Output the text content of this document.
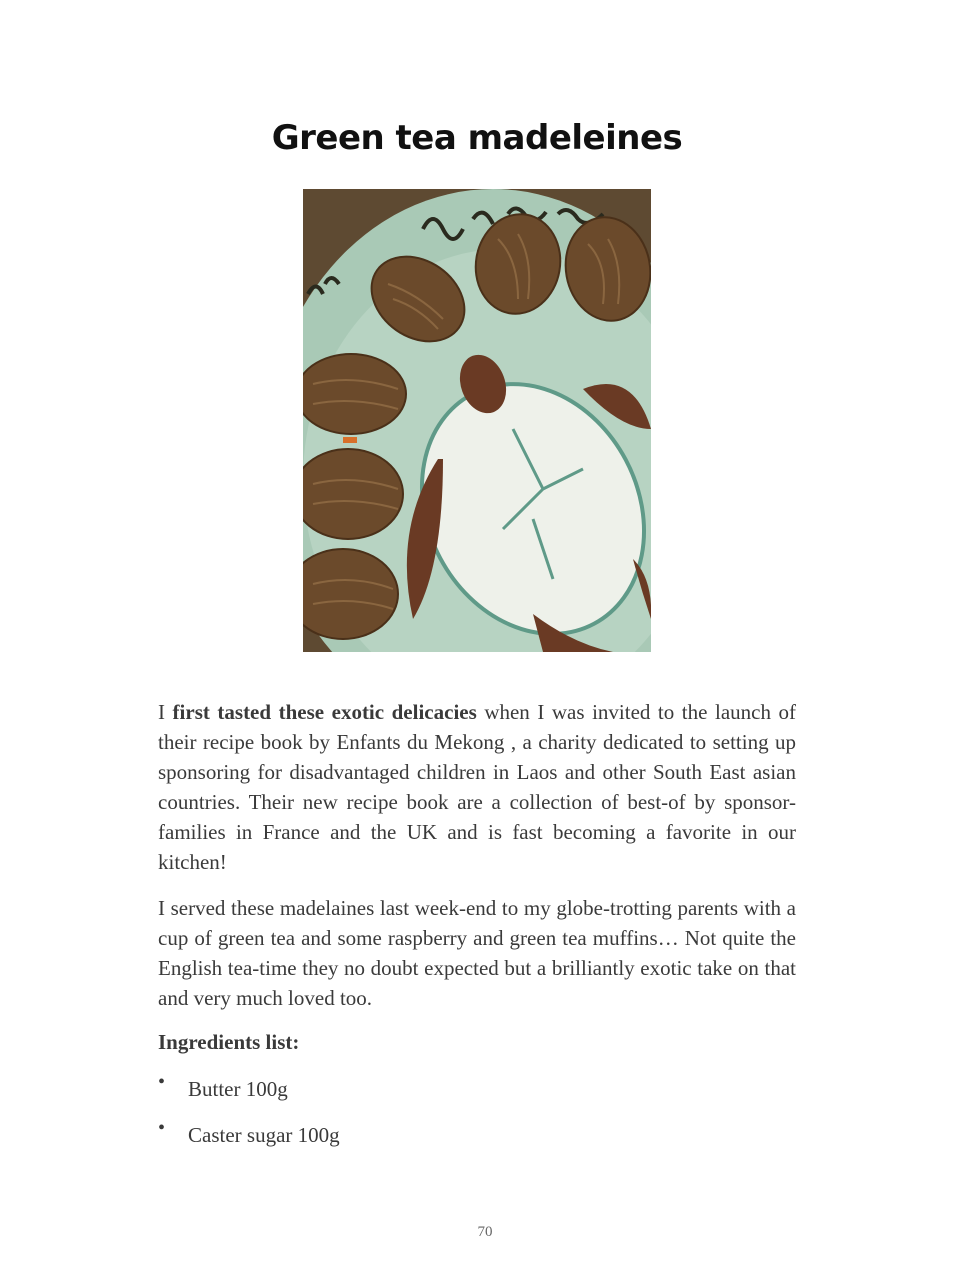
Green tea madeleines
I first tasted these exotic delicacies when I was invited to the launch of their recipe book by Enfants du Mekong , a charity dedicated to setting up sponsoring for disadvantaged children in Laos and other South East asian countries. Their new recipe book are a collection of best-of by sponsor-families in France and the UK and is fast becoming a favorite in our kitchen!
I served these madelaines last week-end to my globe-trotting parents with a cup of green tea and some raspberry and green tea muffins… Not quite the English tea-time they no doubt expected but a brilliantly exotic take on that and very much loved too.
Ingredients list:
• Butter 100g
• Caster sugar 100g
70
